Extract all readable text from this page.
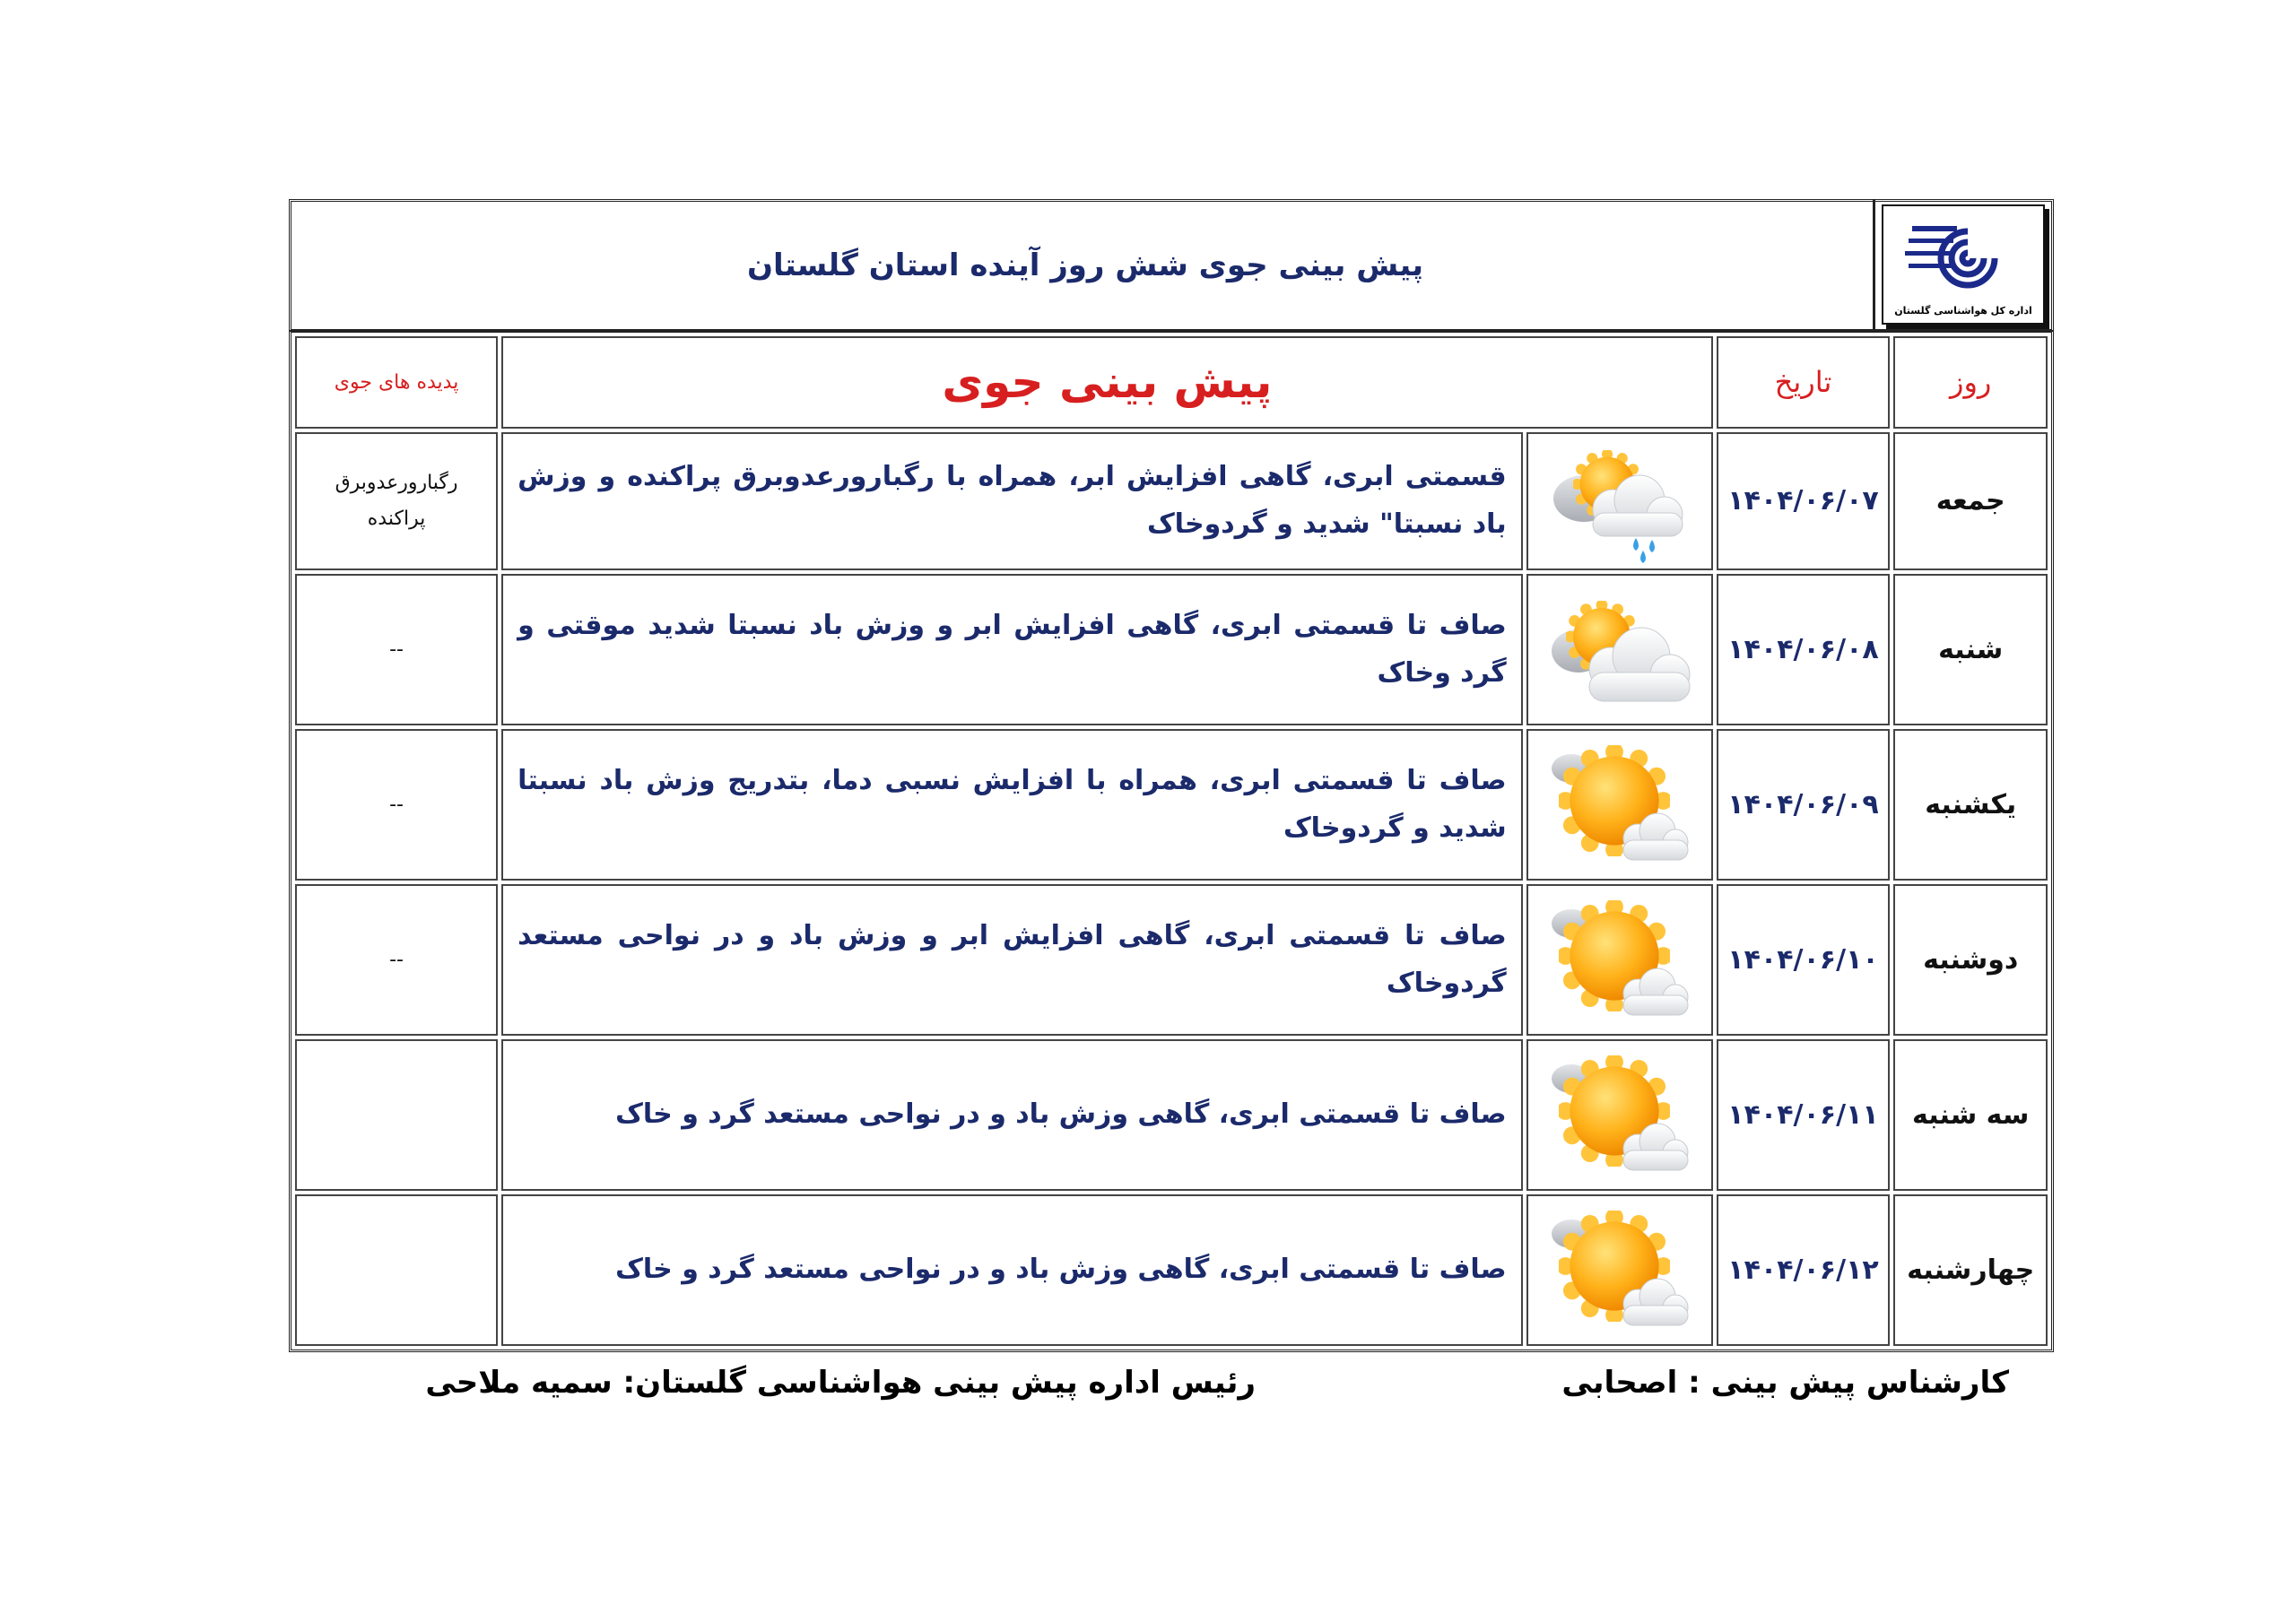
پیش بینی جوی شش روز آینده استان گلستان
اداره کل هواشناسی گلستان
روز	تاریخ	پیش بینی جوی		پدیده های جوی
جمعه	۱۴۰۴/۰۶/۰۷		قسمتی ابری، گاهی افزایش ابر، همراه با رگبارورعدوبرق پراکنده و وزش باد نسبتا" شدید و گردوخاک	رگبارورعدوبرق پراکنده
شنبه	۱۴۰۴/۰۶/۰۸		صاف تا قسمتی ابری، گاهی افزایش ابر و وزش باد نسبتا شدید موقتی و گرد وخاک	--
یکشنبه	۱۴۰۴/۰۶/۰۹		صاف تا قسمتی ابری، همراه با افزایش نسبی دما، بتدریج وزش باد نسبتا شدید و گردوخاک	--
دوشنبه	۱۴۰۴/۰۶/۱۰		صاف تا قسمتی ابری، گاهی افزایش ابر و وزش باد و در نواحی مستعد گردوخاک	--
سه شنبه	۱۴۰۴/۰۶/۱۱		صاف تا قسمتی ابری، گاهی وزش باد و در نواحی مستعد گرد و خاک	
چهارشنبه	۱۴۰۴/۰۶/۱۲		صاف تا قسمتی ابری، گاهی وزش باد و در نواحی مستعد گرد و خاک	
کارشناس پیش بینی : اصحابی
رئیس اداره پیش بینی هواشناسی گلستان: سمیه ملاحی
